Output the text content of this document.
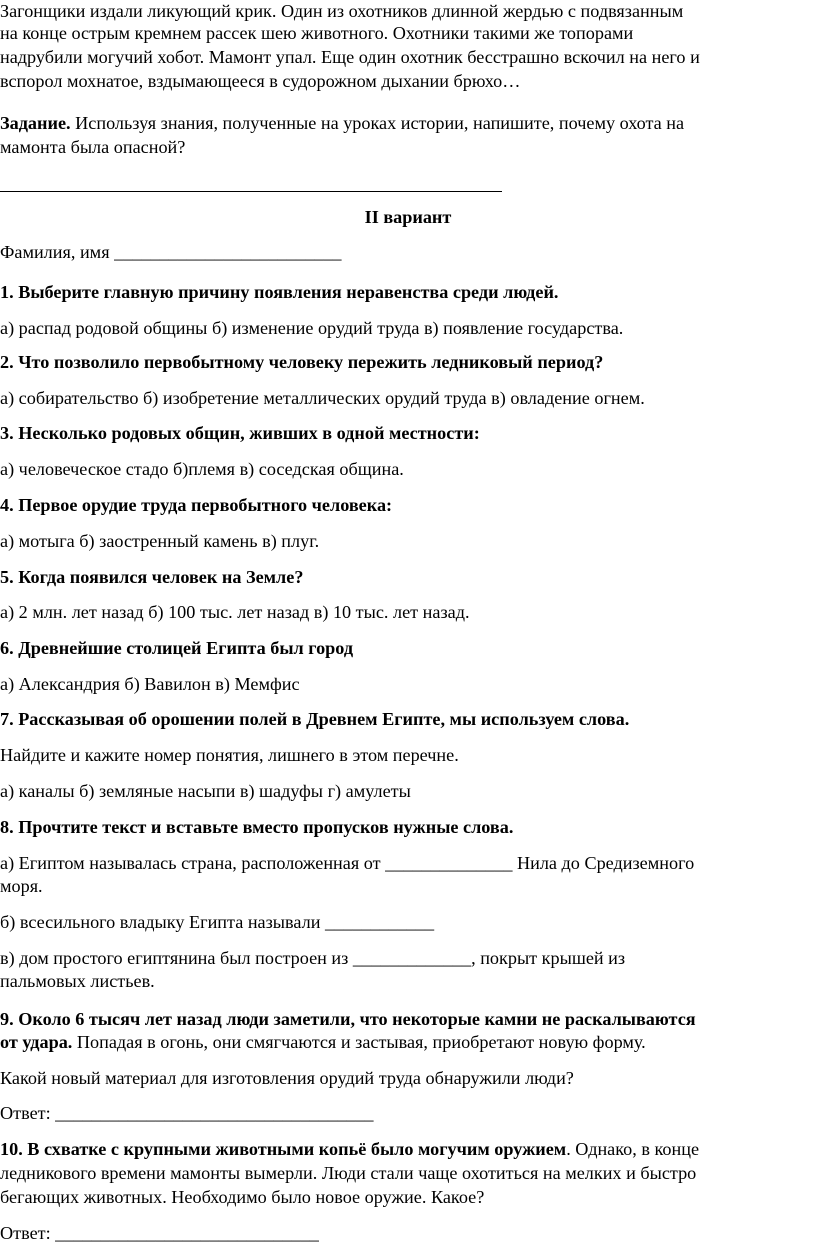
Загонщики издали ликующий крик. Один из охотников длинной жердью с подвязанным
на конце острым кремнем рассек шею животного. Охотники такими же топорами
надрубили могучий хобот. Мамонт упал. Еще один охотник бесстрашно вскочил на него и
вспорол мохнатое, вздымающееся в судорожном дыхании брюхо…
Задание. Используя знания, полученные на уроках истории, напишите, почему охота на
мамонта была опасной?
II вариант
Фамилия, имя _________________________
1. Выберите главную причину появления неравенства среди людей.
а) распад родовой общины б) изменение орудий труда в) появление государства.
2. Что позволило первобытному человеку пережить ледниковый период?
а) собирательство б) изобретение металлических орудий труда в) овладение огнем.
3. Несколько родовых общин, живших в одной местности:
а) человеческое стадо б)племя в) соседская община.
4. Первое орудие труда первобытного человека:
а) мотыга б) заостренный камень в) плуг.
5. Когда появился человек на Земле?
а) 2 млн. лет назад б) 100 тыс. лет назад в) 10 тыс. лет назад.
6. Древнейшие столицей Египта был город
а) Александрия б) Вавилон в) Мемфис
7. Рассказывая об орошении полей в Древнем Египте, мы используем слова.
Найдите и кажите номер понятия, лишнего в этом перечне.
а) каналы б) земляные насыпи в) шадуфы г) амулеты
8. Прочтите текст и вставьте вместо пропусков нужные слова.
а) Египтом называлась страна, расположенная от ______________ Нила до Средиземного
моря.
б) всесильного владыку Египта называли ____________
в) дом простого египтянина был построен из _____________, покрыт крышей из
пальмовых листьев.
9. Около 6 тысяч лет назад люди заметили, что некоторые камни не раскалываются
от удара. Попадая в огонь, они смягчаются и застывая, приобретают новую форму.
Какой новый материал для изготовления орудий труда обнаружили люди?
Ответ: ___________________________________
10. В схватке с крупными животными копьё было могучим оружием. Однако, в конце
ледникового времени мамонты вымерли. Люди стали чаще охотиться на мелких и быстро
бегающих животных. Необходимо было новое оружие. Какое?
Ответ: _____________________________
